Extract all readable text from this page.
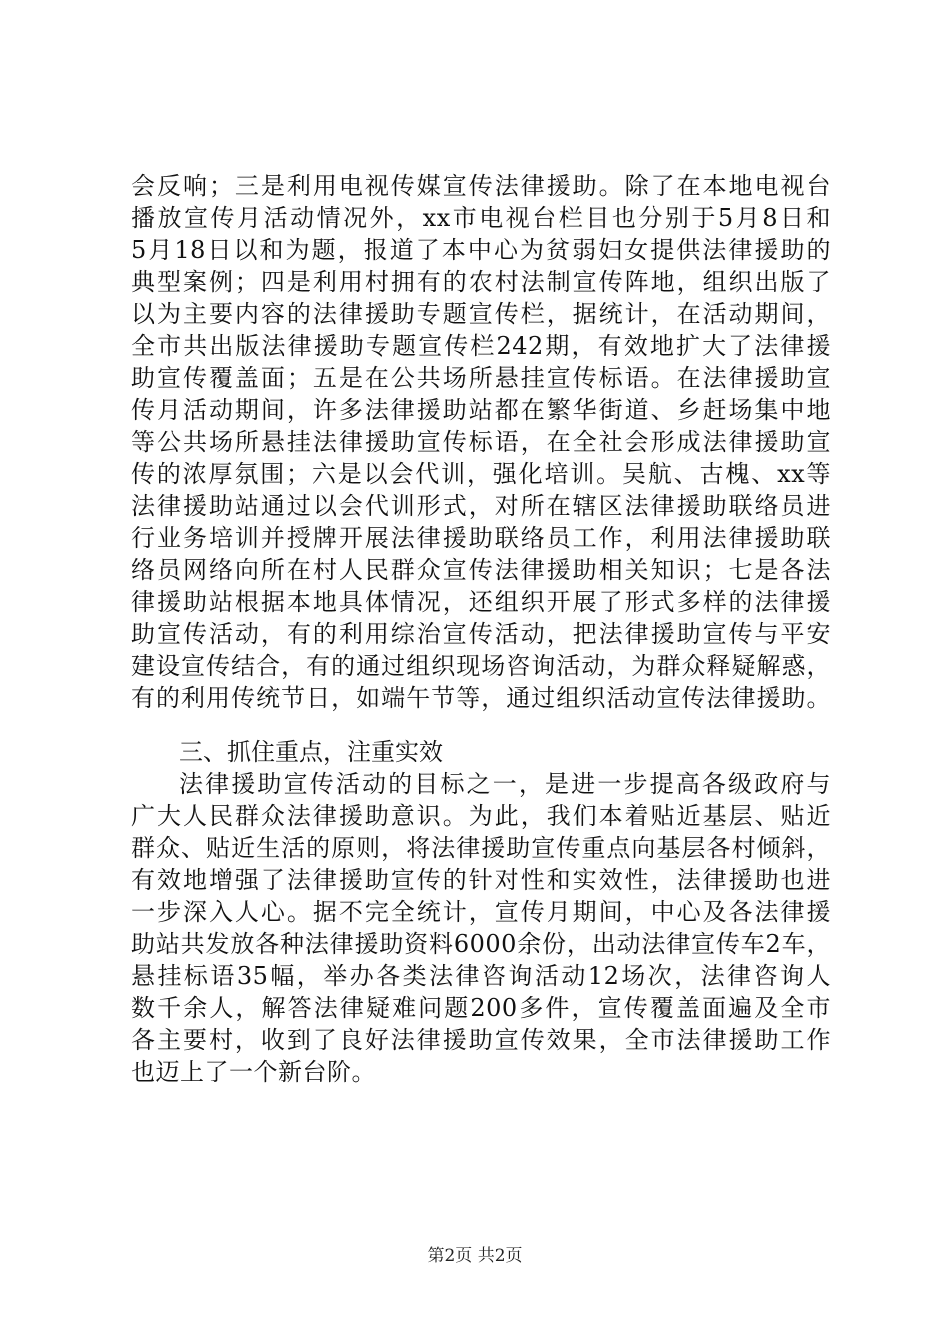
会反响；三是利用电视传媒宣传法律援助。除了在本地电视台
播放宣传月活动情况外，xx市电视台栏目也分别于5月8日和
5月18日以和为题，报道了本中心为贫弱妇女提供法律援助的
典型案例；四是利用村拥有的农村法制宣传阵地，组织出版了
以为主要内容的法律援助专题宣传栏，据统计，在活动期间，
全市共出版法律援助专题宣传栏242期，有效地扩大了法律援
助宣传覆盖面；五是在公共场所悬挂宣传标语。在法律援助宣
传月活动期间，许多法律援助站都在繁华街道、乡赶场集中地
等公共场所悬挂法律援助宣传标语，在全社会形成法律援助宣
传的浓厚氛围；六是以会代训，强化培训。吴航、古槐、xx等
法律援助站通过以会代训形式，对所在辖区法律援助联络员进
行业务培训并授牌开展法律援助联络员工作，利用法律援助联
络员网络向所在村人民群众宣传法律援助相关知识；七是各法
律援助站根据本地具体情况，还组织开展了形式多样的法律援
助宣传活动，有的利用综治宣传活动，把法律援助宣传与平安
建设宣传结合，有的通过组织现场咨询活动，为群众释疑解惑，
有的利用传统节日，如端午节等，通过组织活动宣传法律援助。
三、抓住重点，注重实效
法律援助宣传活动的目标之一，是进一步提高各级政府与
广大人民群众法律援助意识。为此，我们本着贴近基层、贴近
群众、贴近生活的原则，将法律援助宣传重点向基层各村倾斜，
有效地增强了法律援助宣传的针对性和实效性，法律援助也进
一步深入人心。据不完全统计，宣传月期间，中心及各法律援
助站共发放各种法律援助资料6000余份，出动法律宣传车2车，
悬挂标语35幅，举办各类法律咨询活动12场次，法律咨询人
数千余人，解答法律疑难问题200多件，宣传覆盖面遍及全市
各主要村，收到了良好法律援助宣传效果，全市法律援助工作
也迈上了一个新台阶。
第2页 共2页
